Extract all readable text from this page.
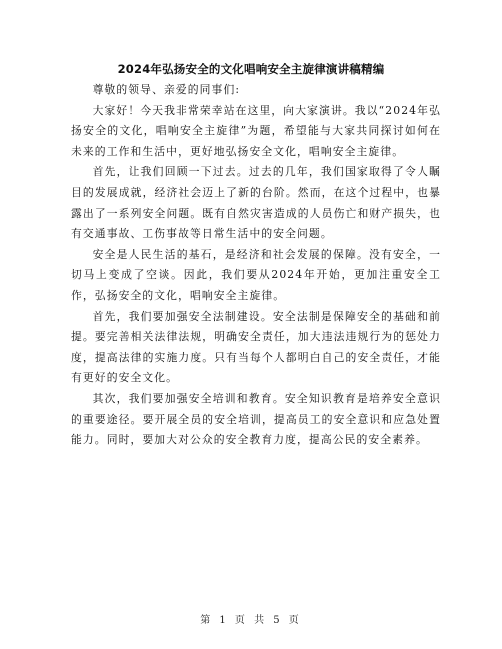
2024年弘扬安全的文化唱响安全主旋律演讲稿精编

尊敬的领导、亲爱的同事们:

大家好！今天我非常荣幸站在这里，向大家演讲。我以“2024年弘扬安全的文化，唱响安全主旋律”为题，希望能与大家共同探讨如何在未来的工作和生活中，更好地弘扬安全文化，唱响安全主旋律。

首先，让我们回顾一下过去。过去的几年，我们国家取得了令人瞩目的发展成就，经济社会迈上了新的台阶。然而，在这个过程中，也暴露出了一系列安全问题。既有自然灾害造成的人员伤亡和财产损失，也有交通事故、工伤事故等日常生活中的安全问题。

安全是人民生活的基石，是经济和社会发展的保障。没有安全，一切马上变成了空谈。因此，我们要从2024年开始，更加注重安全工作，弘扬安全的文化，唱响安全主旋律。

首先，我们要加强安全法制建设。安全法制是保障安全的基础和前提。要完善相关法律法规，明确安全责任，加大违法违规行为的惩处力度，提高法律的实施力度。只有当每个人都明白自己的安全责任，才能有更好的安全文化。

其次，我们要加强安全培训和教育。安全知识教育是培养安全意识的重要途径。要开展全员的安全培训，提高员工的安全意识和应急处置能力。同时，要加大对公众的安全教育力度，提高公民的安全素养。

第 1 页 共 5 页
